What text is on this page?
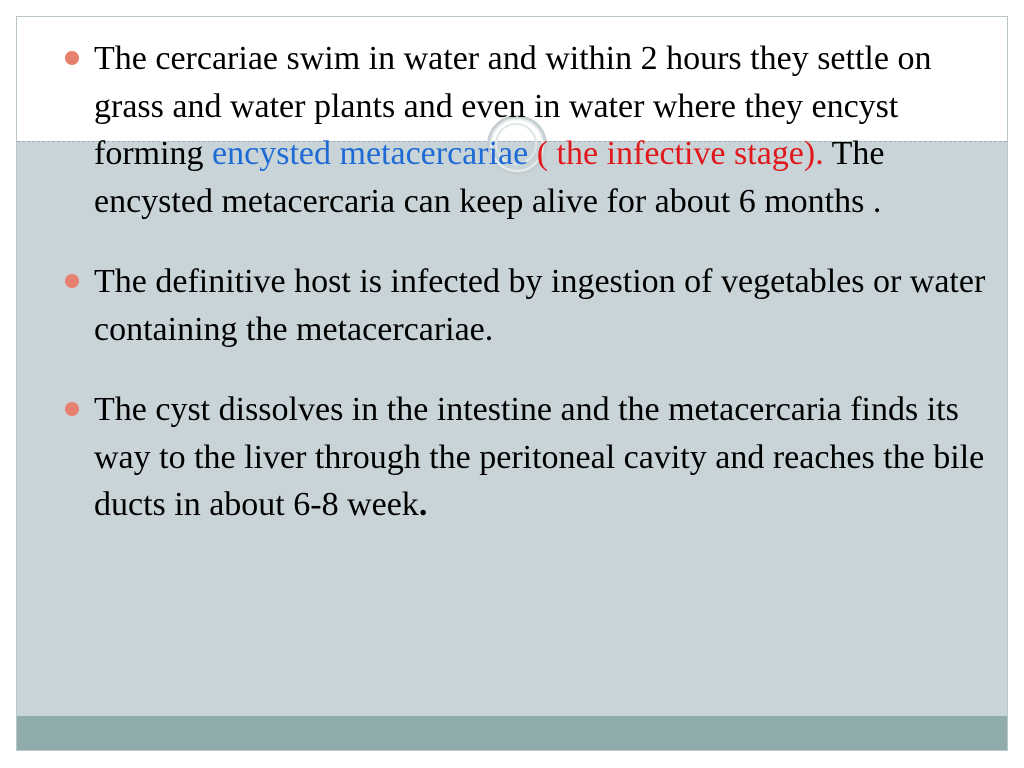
The cercariae swim in water and within 2 hours they settle on grass and water plants and even in water where they encyst forming encysted metacercariae ( the infective stage). The encysted metacercaria can keep alive for about 6 months .
The definitive host is infected by ingestion of vegetables or water containing the metacercariae.
The cyst dissolves in the intestine and the metacercaria finds its way to the liver through the peritoneal cavity and reaches the bile ducts in about 6-8 week.
